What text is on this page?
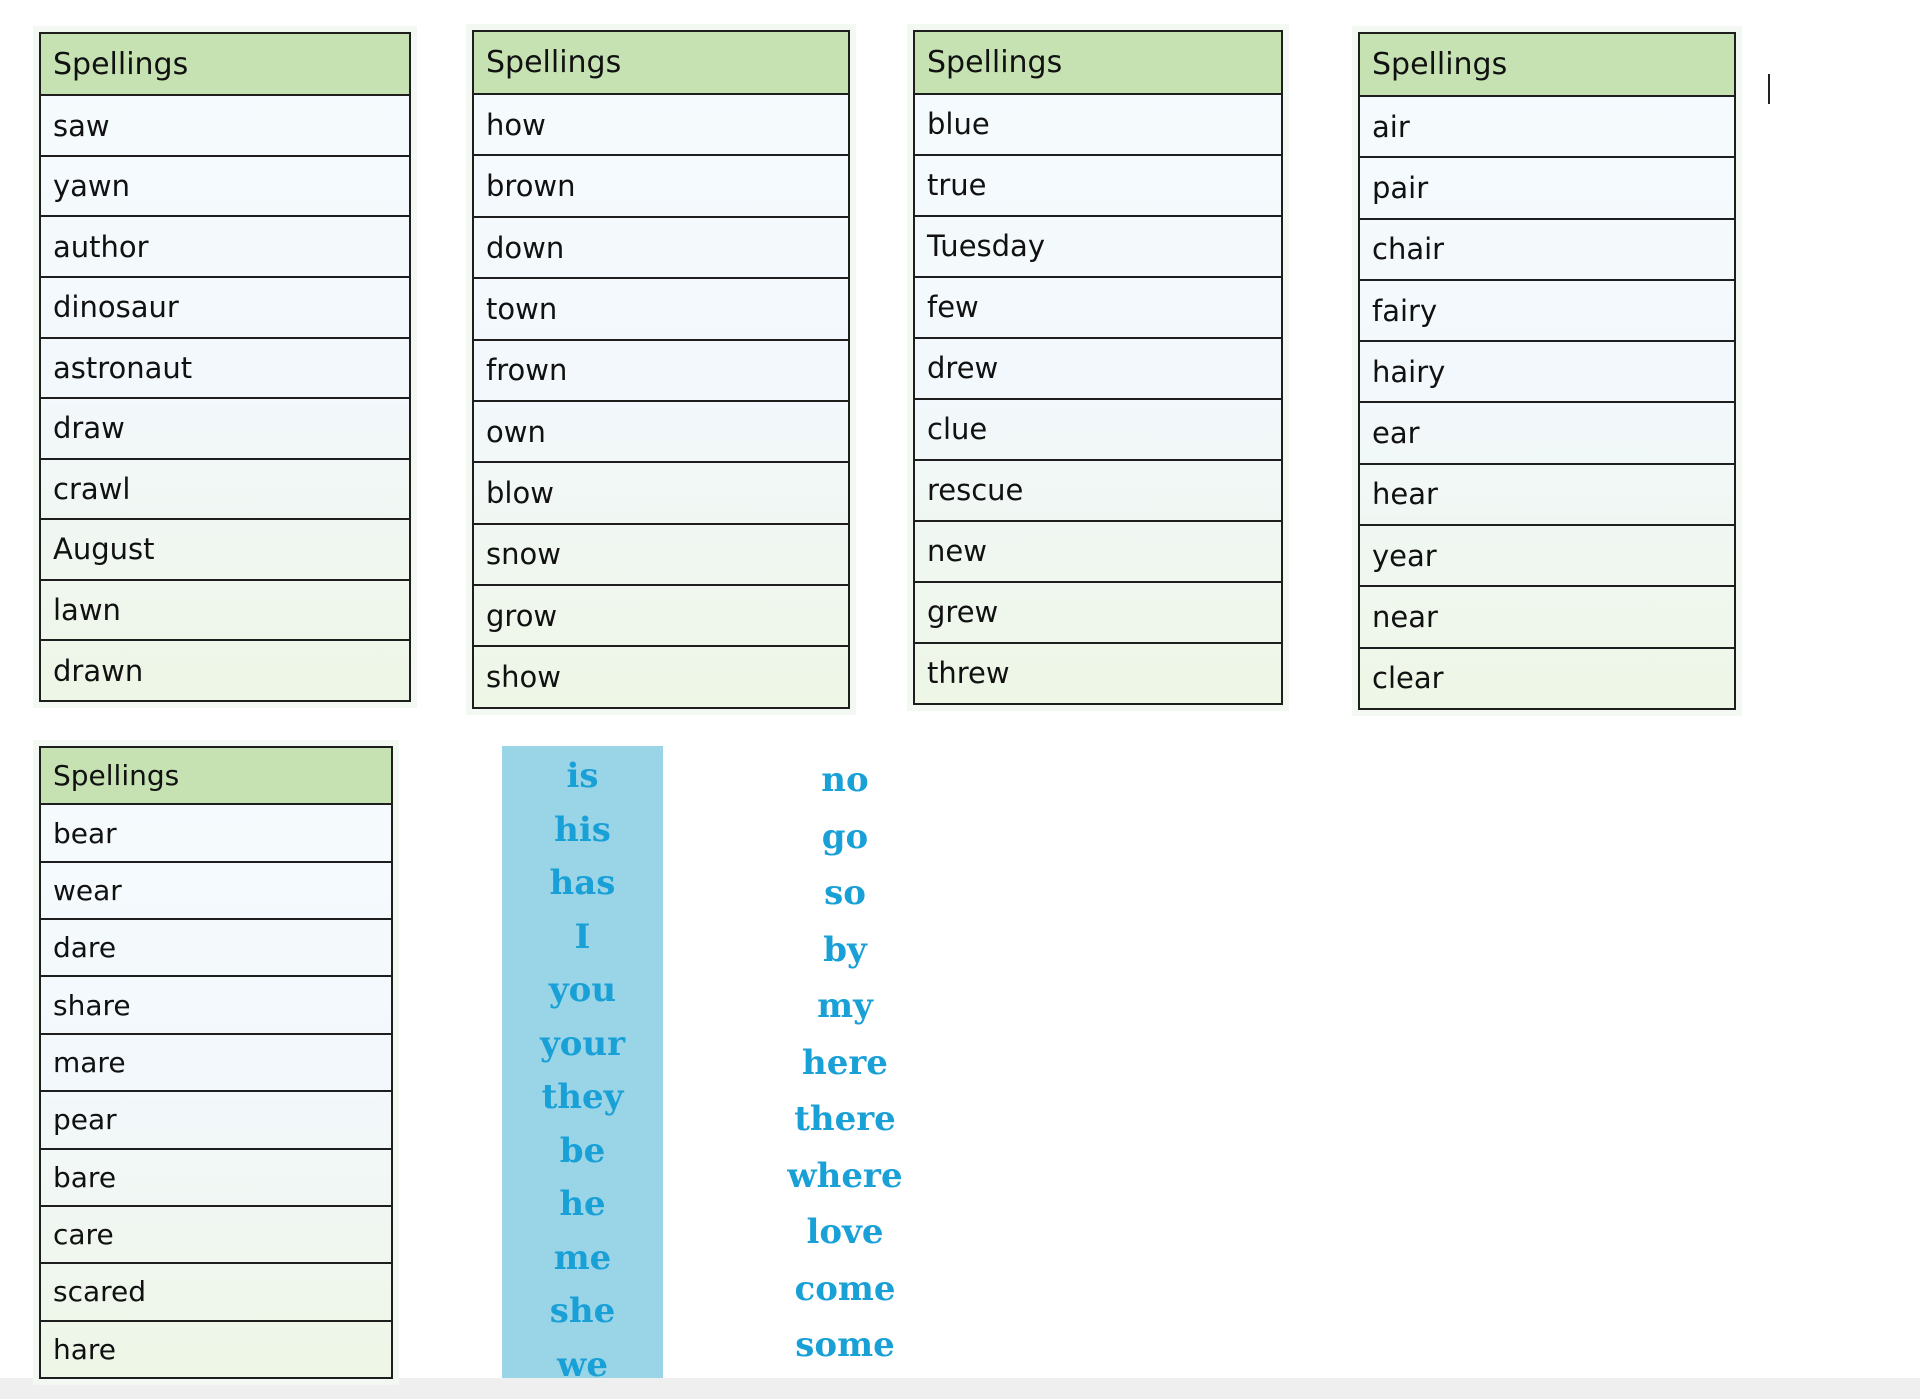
Spellings
saw
yawn
author
dinosaur
astronaut
draw
crawl
August
lawn
drawn
Spellings
how
brown
down
town
frown
own
blow
snow
grow
show
Spellings
blue
true
Tuesday
few
drew
clue
rescue
new
grew
threw
Spellings
air
pair
chair
fairy
hairy
ear
hear
year
near
clear
Spellings
bear
wear
dare
share
mare
pear
bare
care
scared
hare
is
his
has
I
you
your
they
be
he
me
she
we
no
go
so
by
my
here
there
where
love
come
some
